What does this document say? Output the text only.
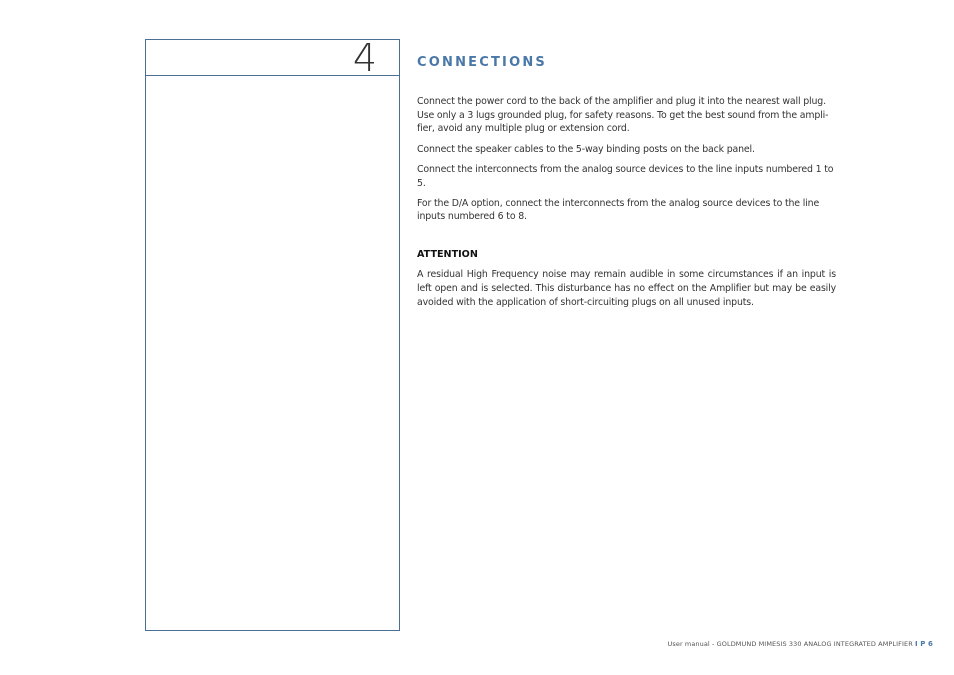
4	CONNECTIONS

Connect the power cord to the back of the amplifier and plug it into the nearest wall plug. Use only a 3 lugs grounded plug, for safety reasons. To get the best sound from the ampli-fier, avoid any multiple plug or extension cord.

Connect the speaker cables to the 5-way binding posts on the back panel.

Connect the interconnects from the analog source devices to the line inputs numbered 1 to 5.

For the D/A option, connect the interconnects from the analog source devices to the line inputs numbered 6 to 8.

ATTENTION

A residual High Frequency noise may remain audible in some circumstances if an input is left open and is selected. This disturbance has no effect on the Amplifier but may be easily avoided with the application of short-circuiting plugs on all unused inputs.

User manual - GOLDMUND MIMESIS 330 ANALOG INTEGRATED AMPLIFIER I P 6
